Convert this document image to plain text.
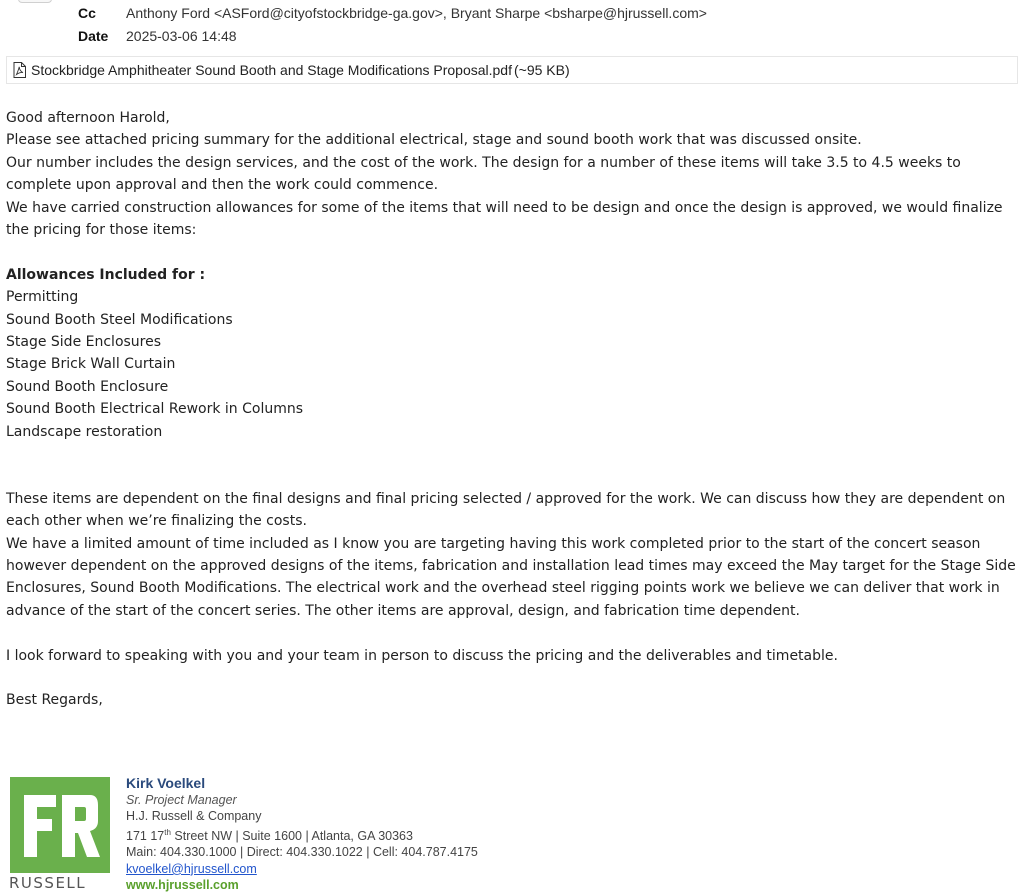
Cc Anthony Ford <ASFord@cityofstockbridge-ga.gov>, Bryant Sharpe <bsharpe@hjrussell.com>
Date 2025-03-06 14:48
Stockbridge Amphitheater Sound Booth and Stage Modifications Proposal.pdf (~95 KB)

Good afternoon Harold,

Please see attached pricing summary for the additional electrical, stage and sound booth work that was discussed onsite.

Our number includes the design services, and the cost of the work. The design for a number of these items will take 3.5 to 4.5 weeks to complete upon approval and then the work could commence.

We have carried construction allowances for some of the items that will need to be design and once the design is approved, we would finalize the pricing for those items:

Allowances Included for :

Permitting

Sound Booth Steel Modifications

Stage Side Enclosures

Stage Brick Wall Curtain

Sound Booth Enclosure

Sound Booth Electrical Rework in Columns

Landscape restoration

These items are dependent on the final designs and final pricing selected / approved for the work. We can discuss how they are dependent on each other when we’re finalizing the costs.

We have a limited amount of time included as I know you are targeting having this work completed prior to the start of the concert season however dependent on the approved designs of the items, fabrication and installation lead times may exceed the May target for the Stage Side Enclosures, Sound Booth Modifications. The electrical work and the overhead steel rigging points work we believe we can deliver that work in advance of the start of the concert series. The other items are approval, design, and fabrication time dependent.

I look forward to speaking with you and your team in person to discuss the pricing and the deliverables and timetable.

Best Regards,

RUSSELL
Kirk Voelkel
Sr. Project Manager
H.J. Russell & Company
171 17th Street NW | Suite 1600 | Atlanta, GA 30363
Main: 404.330.1000 | Direct: 404.330.1022 | Cell: 404.787.4175
kvoelkel@hjrussell.com
www.hjrussell.com
